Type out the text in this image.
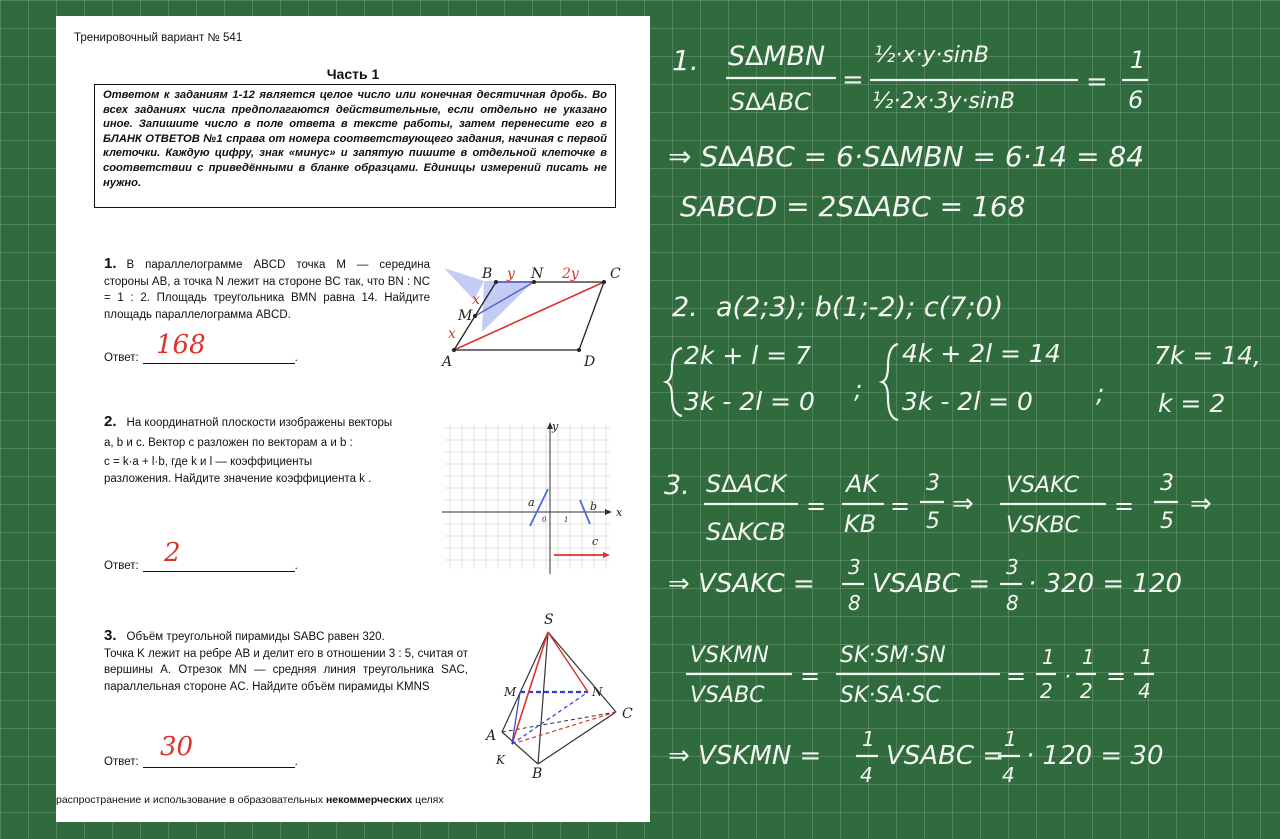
Тренировочный вариант № 541
Часть 1
Ответом к заданиям 1-12 является целое число или конечная десятичная дробь. Во всех заданиях числа предполагаются действительные, если отдельно не указано иное. Запишите число в поле ответа в тексте работы, затем перенесите его в БЛАНК ОТВЕТОВ №1 справа от номера соответствующего задания, начиная с первой клеточки. Каждую цифру, знак «минус» и запятую пишите в отдельной клеточке в соответствии с приведёнными в бланке образцами. Единицы измерений писать не нужно.
1. В параллелограмме ABCD точка M — середина стороны AB, а точка N лежит на стороне BC так, что BN : NC = 1 : 2. Площадь треугольника BMN равна 14. Найдите площадь параллелограмма ABCD.
Ответ:	.
168
B	N	C
D
A
M
y	2y
x
x
2. На координатной плоскости изображены векторы
a, b и c. Вектор c разложен по векторам a и b :
c = k·a + l·b, где k и l — коэффициенты
разложения. Найдите значение коэффициента k .
Ответ:	.
2
y
x
0	1
a	b
c
3. Объём треугольной пирамиды SABC равен 320.
Точка K лежит на ребре AB и делит его в отношении 3 : 5, считая от вершины A. Отрезок MN — средняя линия треугольника SAC, параллельная стороне AC. Найдите объём пирамиды KMNS
Ответ:	.
30
S
M	N
A
C
K
B
распространение и использование в образовательных некоммерческих целях
1. S∆MBN
S∆ABC
=
½·x·y·sinB
½·2x·3y·sinB
=
1
6
⇒ S∆ABC = 6·S∆MBN = 6·14 = 84
SABCD = 2S∆ABC = 168
2. a(2;3); b(1;-2); c(7;0)
2k + l = 7
3k - 2l = 0 ;
4k + 2l = 14
3k - 2l = 0	;
7k = 14,
k = 2
3. S∆ACK
S∆KCB
=
AK
KB
=
3
5
⇒
VSAKC
VSKBC
=
3
5
⇒
⇒ VSAKC =
3
8
VSABC =
3
8
· 320 = 120
VSKMN
VSABC
=
SK·SM·SN
SK·SA·SC
=
1
2
·
1
2
=
1
4
⇒ VSKMN =
1
4
VSABC =
1
4
· 120 = 30
